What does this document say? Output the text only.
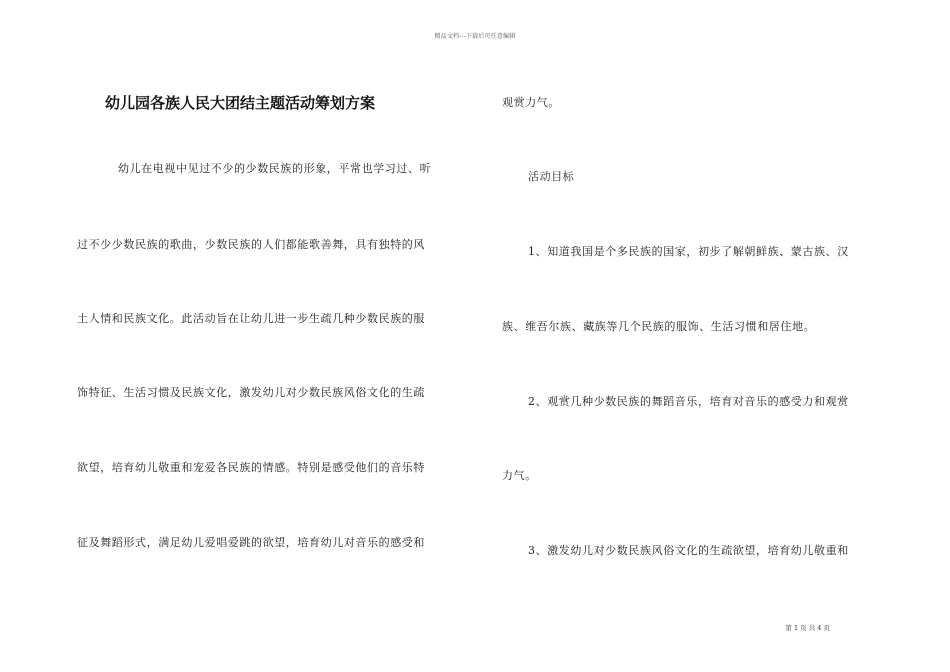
精品文档---下载后可任意编辑
幼儿园各族人民大团结主题活动筹划方案
幼儿在电视中见过不少的少数民族的形象，平常也学习过、听
过不少少数民族的歌曲，少数民族的人们都能歌善舞，具有独特的风
土人情和民族文化。此活动旨在让幼儿进一步生疏几种少数民族的服
饰特征、生活习惯及民族文化，激发幼儿对少数民族风俗文化的生疏
欲望，培育幼儿敬重和宠爱各民族的情感。特别是感受他们的音乐特
征及舞蹈形式，满足幼儿爱唱爱跳的欲望，培育幼儿对音乐的感受和
观赏力气。
活动目标
1、知道我国是个多民族的国家，初步了解朝鲜族、蒙古族、汉
族、维吾尔族、藏族等几个民族的服饰、生活习惯和居住地。
2、观赏几种少数民族的舞蹈音乐，培育对音乐的感受力和观赏
力气。
3、激发幼儿对少数民族风俗文化的生疏欲望，培育幼儿敬重和
第 1 页 共 4 页
